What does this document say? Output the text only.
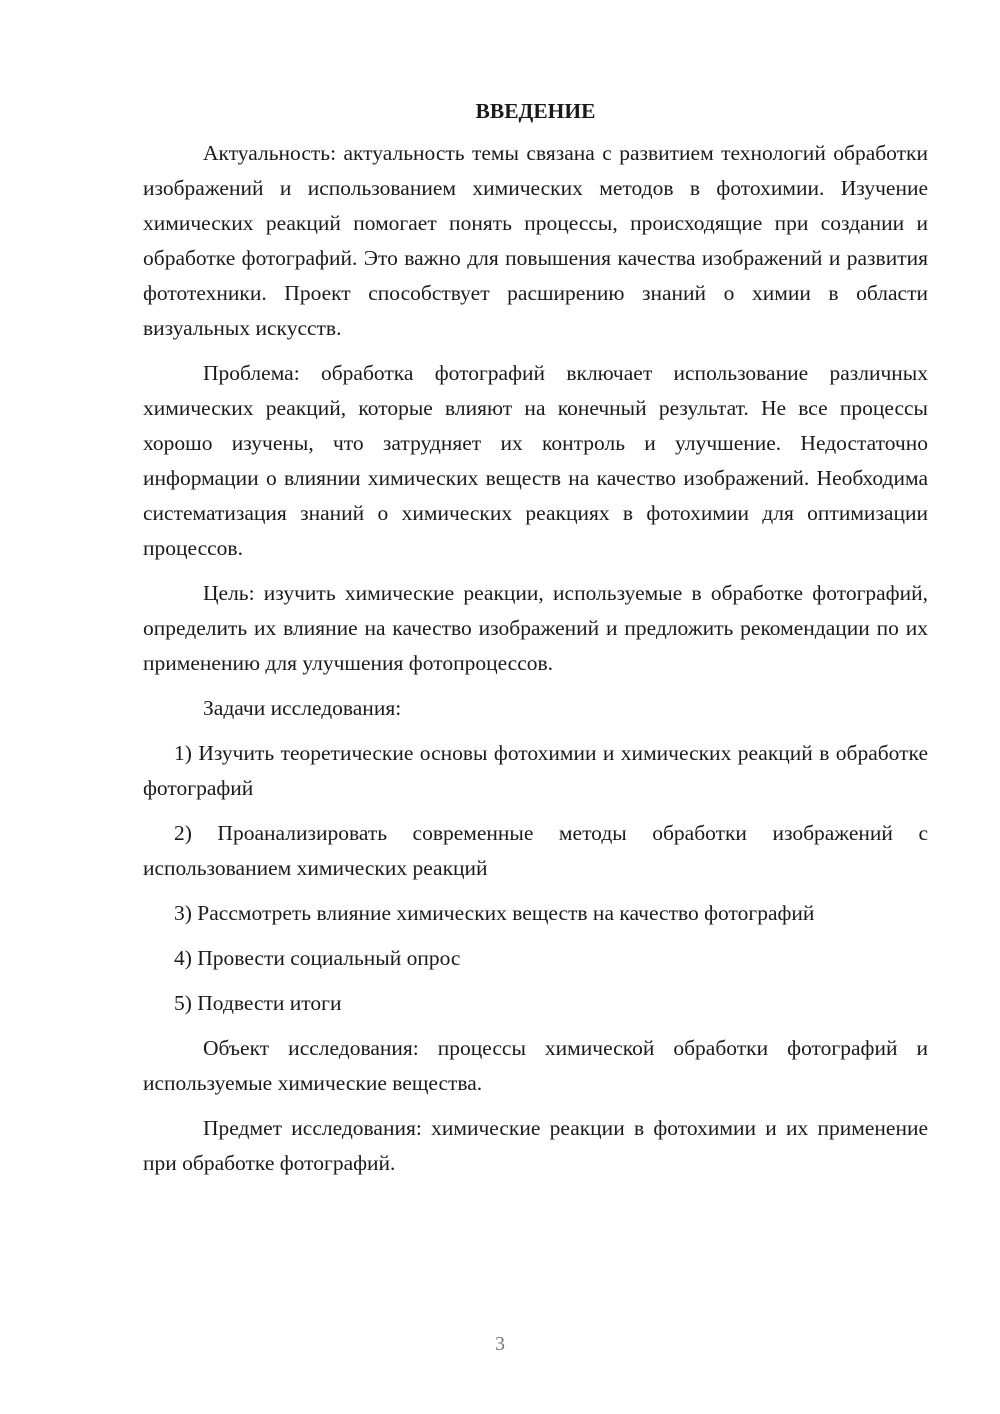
ВВЕДЕНИЕ

Актуальность: актуальность темы связана с развитием технологий обработки изображений и использованием химических методов в фотохимии. Изучение химических реакций помогает понять процессы, происходящие при создании и обработке фотографий. Это важно для повышения качества изображений и развития фототехники. Проект способствует расширению знаний о химии в области визуальных искусств.

Проблема: обработка фотографий включает использование различных химических реакций, которые влияют на конечный результат. Не все процессы хорошо изучены, что затрудняет их контроль и улучшение. Недостаточно информации о влиянии химических веществ на качество изображений. Необходима систематизация знаний о химических реакциях в фотохимии для оптимизации процессов.

Цель: изучить химические реакции, используемые в обработке фотографий, определить их влияние на качество изображений и предложить рекомендации по их применению для улучшения фотопроцессов.

Задачи исследования:

1) Изучить теоретические основы фотохимии и химических реакций в обработке фотографий

2) Проанализировать современные методы обработки изображений с использованием химических реакций

3) Рассмотреть влияние химических веществ на качество фотографий

4) Провести социальный опрос

5) Подвести итоги

Объект исследования: процессы химической обработки фотографий и используемые химические вещества.

Предмет исследования: химические реакции в фотохимии и их применение при обработке фотографий.

3
